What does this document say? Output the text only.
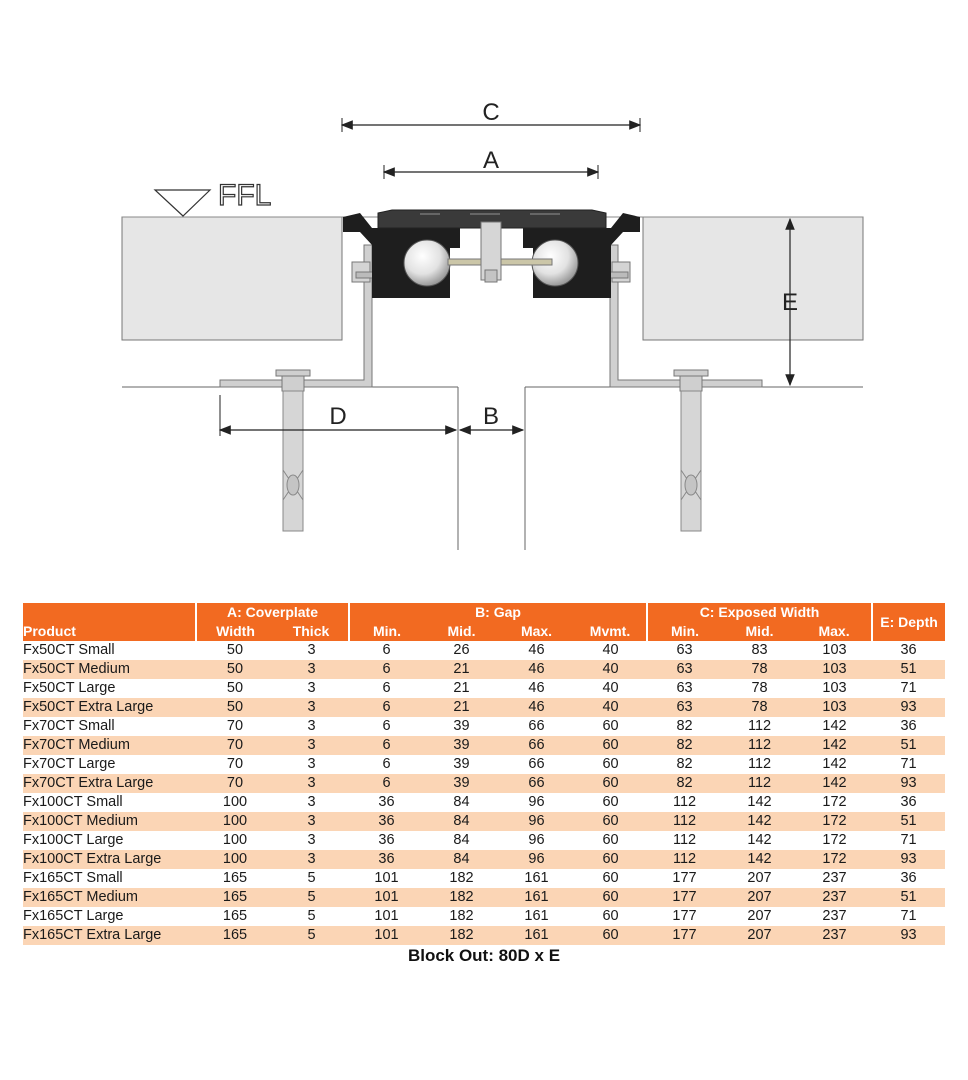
FFL
C
A
E
D	B
	A: Coverplate		B: Gap				C: Exposed Width			E: Depth
Product	Width	Thick	Min.	Mid.	Max.	Mvmt.	Min.	Mid.	Max.	
Fx50CT Small	50	3	6	26	46	40	63	83	103	36
Fx50CT Medium	50	3	6	21	46	40	63	78	103	51
Fx50CT Large	50	3	6	21	46	40	63	78	103	71
Fx50CT Extra Large	50	3	6	21	46	40	63	78	103	93
Fx70CT Small	70	3	6	39	66	60	82	112	142	36
Fx70CT Medium	70	3	6	39	66	60	82	112	142	51
Fx70CT Large	70	3	6	39	66	60	82	112	142	71
Fx70CT Extra Large	70	3	6	39	66	60	82	112	142	93
Fx100CT Small	100	3	36	84	96	60	112	142	172	36
Fx100CT Medium	100	3	36	84	96	60	112	142	172	51
Fx100CT Large	100	3	36	84	96	60	112	142	172	71
Fx100CT Extra Large	100	3	36	84	96	60	112	142	172	93
Fx165CT Small	165	5	101	182	161	60	177	207	237	36
Fx165CT Medium	165	5	101	182	161	60	177	207	237	51
Fx165CT Large	165	5	101	182	161	60	177	207	237	71
Fx165CT Extra Large	165	5	101	182	161	60	177	207	237	93
Block Out: 80D x E
